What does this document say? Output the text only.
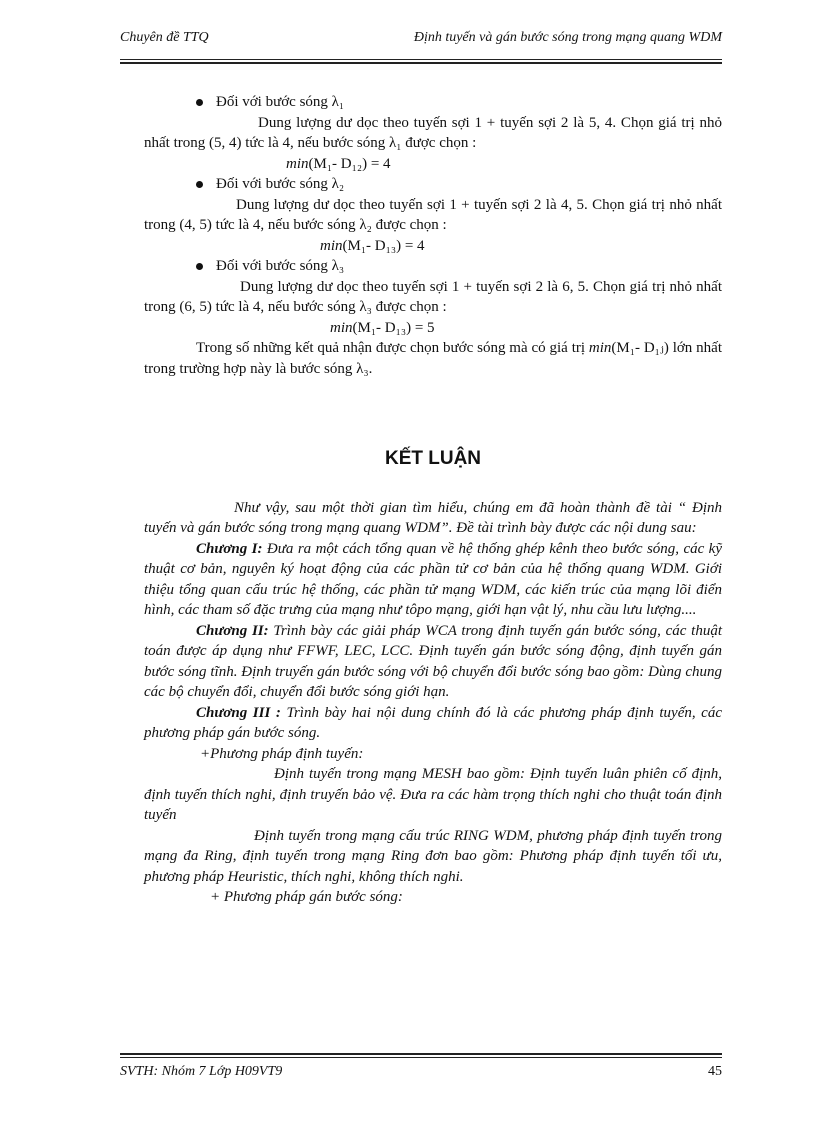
Chuyên đề TTQ	Định tuyến và gán bước sóng trong mạng quang WDM
Đối với bước sóng λ₁

Dung lượng dư dọc theo tuyến sợi 1 + tuyến sợi 2 là 5, 4. Chọn giá trị nhỏ nhất trong (5, 4) tức là 4, nếu bước sóng λ₁ được chọn :

min(M₁- D₁₂) = 4

Đối với bước sóng λ₂

Dung lượng dư dọc theo tuyến sợi 1 + tuyến sợi 2 là 4, 5. Chọn giá trị nhỏ nhất trong (4, 5) tức là 4, nếu bước sóng λ₂ được chọn :

min(M₁- D₁₃) = 4

Đối với bước sóng λ₃

Dung lượng dư dọc theo tuyến sợi 1 + tuyến sợi 2 là 6, 5. Chọn giá trị nhỏ nhất trong (6, 5) tức là 4, nếu bước sóng λ₃ được chọn :

min(M₁- D₁₃) = 5

Trong số những kết quả nhận được chọn bước sóng mà có giá trị min(M₁- D₁ⱼ) lớn nhất trong trường hợp này là bước sóng λ₃.

KẾT LUẬN

Như vậy, sau một thời gian tìm hiểu, chúng em đã hoàn thành đề tài “ Định tuyến và gán bước sóng trong mạng quang WDM”. Đề tài trình bày được các nội dung sau:

Chương I: Đưa ra một cách tổng quan về hệ thống ghép kênh theo bước sóng, các kỹ thuật cơ bản, nguyên ký hoạt động của các phần tử cơ bản của hệ thống quang WDM. Giới thiệu tổng quan cấu trúc hệ thống, các phần tử mạng WDM, các kiến trúc của mạng lõi điển hình, các tham số đặc trưng của mạng như tôpo mạng, giới hạn vật lý, nhu cầu lưu lượng....

Chương II: Trình bày các giải pháp WCA trong định tuyến gán bước sóng, các thuật toán được áp dụng như FFWF, LEC, LCC. Định tuyến gán bước sóng động, định tuyến gán bước sóng tĩnh. Định truyến gán bước sóng với bộ chuyển đổi bước sóng bao gồm: Dùng chung các bộ chuyển đổi, chuyển đổi bước sóng giới hạn.

Chương III : Trình bày hai nội dung chính đó là các phương pháp định tuyến, các phương pháp gán bước sóng.

+Phương pháp định tuyến:

Định tuyến trong mạng MESH bao gồm: Định tuyến luân phiên cố định, định tuyến thích nghi, định truyến bảo vệ. Đưa ra các hàm trọng thích nghi cho thuật toán định tuyến

Định tuyến trong mạng cấu trúc RING WDM, phương pháp định tuyến trong mạng đa Ring, định tuyến trong mạng Ring đơn bao gồm: Phương pháp định tuyến tối ưu, phương pháp Heuristic, thích nghi, không thích nghi.

+ Phương pháp gán bước sóng:

SVTH: Nhóm 7 Lớp H09VT9	45
